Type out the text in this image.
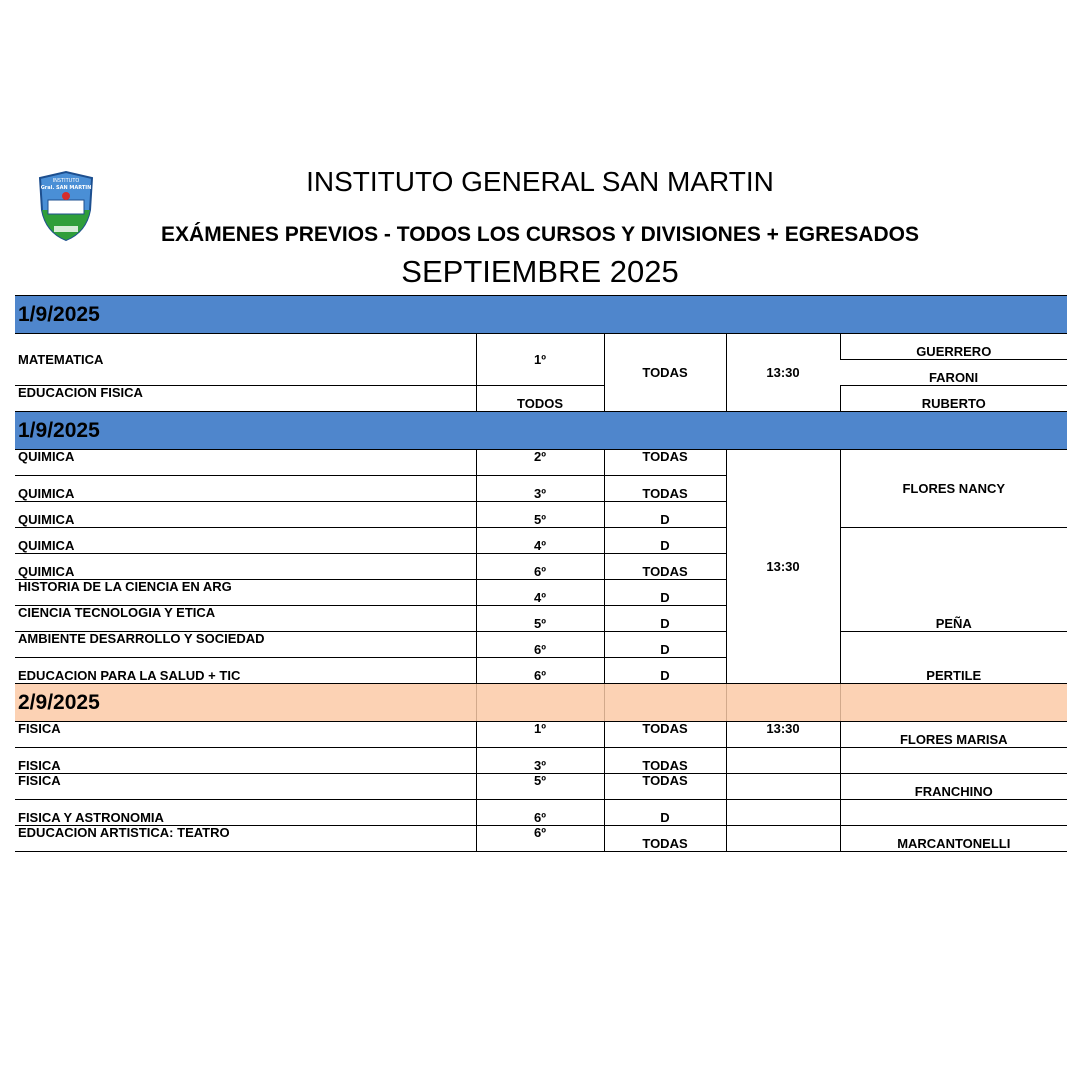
INSTITUTO
Gral. SAN MARTIN	INSTITUTO GENERAL SAN MARTIN
EXÁMENES PREVIOS - TODOS LOS CURSOS Y DIVISIONES + EGRESADOS
SEPTIEMBRE 2025
1/9/2025				
MATEMATICA	1º	TODAS	13:30	GUERRERO
				FARONI
EDUCACION FISICA	TODOS			RUBERTO
1/9/2025				
QUIMICA	2º	TODAS	13:30	FLORES NANCY
QUIMICA	3º	TODAS		
QUIMICA	5º	D		
QUIMICA	4º	D		PEÑA
QUIMICA	6º	TODAS		
HISTORIA DE LA CIENCIA EN ARG	4º	D		
CIENCIA TECNOLOGIA Y ETICA	5º	D		
AMBIENTE DESARROLLO Y SOCIEDAD	6º	D		PERTILE
EDUCACION PARA LA SALUD + TIC	6º	D		
2/9/2025				
FISICA	1º	TODAS	13:30	FLORES MARISA
FISICA	3º	TODAS		
FISICA	5º	TODAS		FRANCHINO
FISICA Y ASTRONOMIA	6º	D		
EDUCACION ARTISTICA: TEATRO	6º	TODAS		MARCANTONELLI
